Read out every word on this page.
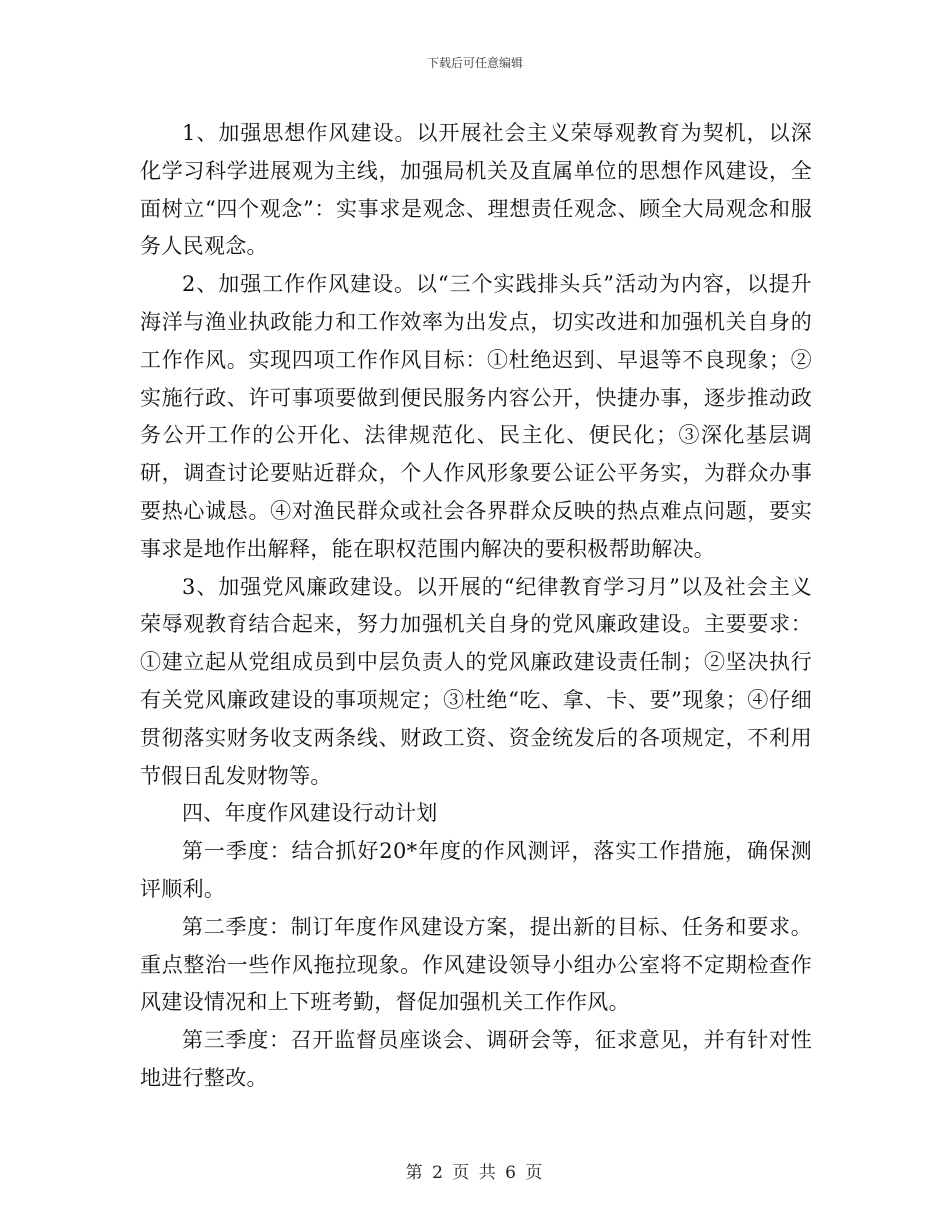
下载后可任意编辑

1、加强思想作风建设。以开展社会主义荣辱观教育为契机，以深化学习科学进展观为主线，加强局机关及直属单位的思想作风建设，全面树立“四个观念”：实事求是观念、理想责任观念、顾全大局观念和服务人民观念。

2、加强工作作风建设。以“三个实践排头兵”活动为内容，以提升海洋与渔业执政能力和工作效率为出发点，切实改进和加强机关自身的工作作风。实现四项工作作风目标：①杜绝迟到、早退等不良现象；②实施行政、许可事项要做到便民服务内容公开，快捷办事，逐步推动政务公开工作的公开化、法律规范化、民主化、便民化；③深化基层调研，调查讨论要贴近群众，个人作风形象要公证公平务实，为群众办事要热心诚恳。④对渔民群众或社会各界群众反映的热点难点问题，要实事求是地作出解释，能在职权范围内解决的要积极帮助解决。

3、加强党风廉政建设。以开展的“纪律教育学习月”以及社会主义荣辱观教育结合起来，努力加强机关自身的党风廉政建设。主要要求：①建立起从党组成员到中层负责人的党风廉政建设责任制；②坚决执行有关党风廉政建设的事项规定；③杜绝“吃、拿、卡、要”现象；④仔细贯彻落实财务收支两条线、财政工资、资金统发后的各项规定，不利用节假日乱发财物等。

四、年度作风建设行动计划

第一季度：结合抓好20*年度的作风测评，落实工作措施，确保测评顺利。

第二季度：制订年度作风建设方案，提出新的目标、任务和要求。重点整治一些作风拖拉现象。作风建设领导小组办公室将不定期检查作风建设情况和上下班考勤，督促加强机关工作作风。

第三季度：召开监督员座谈会、调研会等，征求意见，并有针对性地进行整改。

第 2 页 共 6 页
